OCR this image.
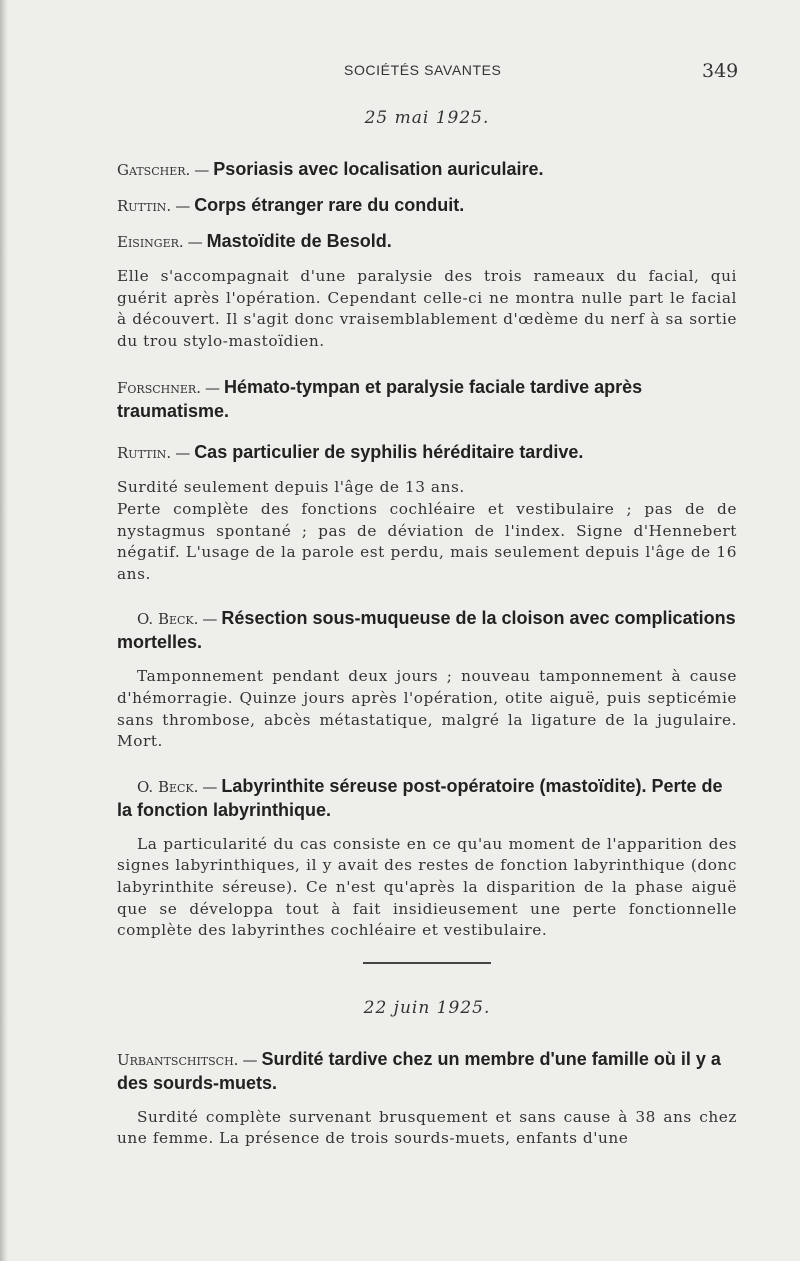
SOCIÉTÉS SAVANTES	349
25 mai 1925.

Gatscher. — Psoriasis avec localisation auriculaire.

Ruttin. — Corps étranger rare du conduit.

Eisinger. — Mastoïdite de Besold.

Elle s'accompagnait d'une paralysie des trois rameaux du facial, qui guérit après l'opération. Cependant celle-ci ne montra nulle part le facial à découvert. Il s'agit donc vraisemblablement d'œdème du nerf à sa sortie du trou stylo-mastoïdien.

Forschner. — Hémato-tympan et paralysie faciale tardive après traumatisme.

Ruttin. — Cas particulier de syphilis héréditaire tardive.

Surdité seulement depuis l'âge de 13 ans.

Perte complète des fonctions cochléaire et vestibulaire ; pas de de nystagmus spontané ; pas de déviation de l'index. Signe d'Hennebert négatif. L'usage de la parole est perdu, mais seulement depuis l'âge de 16 ans.

O. Beck. — Résection sous-muqueuse de la cloison avec complications mortelles.

Tamponnement pendant deux jours ; nouveau tamponnement à cause d'hémorragie. Quinze jours après l'opération, otite aiguë, puis septicémie sans thrombose, abcès métastatique, malgré la ligature de la jugulaire. Mort.

O. Beck. — Labyrinthite séreuse post-opératoire (mastoïdite). Perte de la fonction labyrinthique.

La particularité du cas consiste en ce qu'au moment de l'apparition des signes labyrinthiques, il y avait des restes de fonction labyrinthique (donc labyrinthite séreuse). Ce n'est qu'après la disparition de la phase aiguë que se développa tout à fait insidieusement une perte fonctionnelle complète des labyrinthes cochléaire et vestibulaire.

22 juin 1925.

Urbantschitsch. — Surdité tardive chez un membre d'une famille où il y a des sourds-muets.

Surdité complète survenant brusquement et sans cause à 38 ans chez une femme. La présence de trois sourds-muets, enfants d'une
